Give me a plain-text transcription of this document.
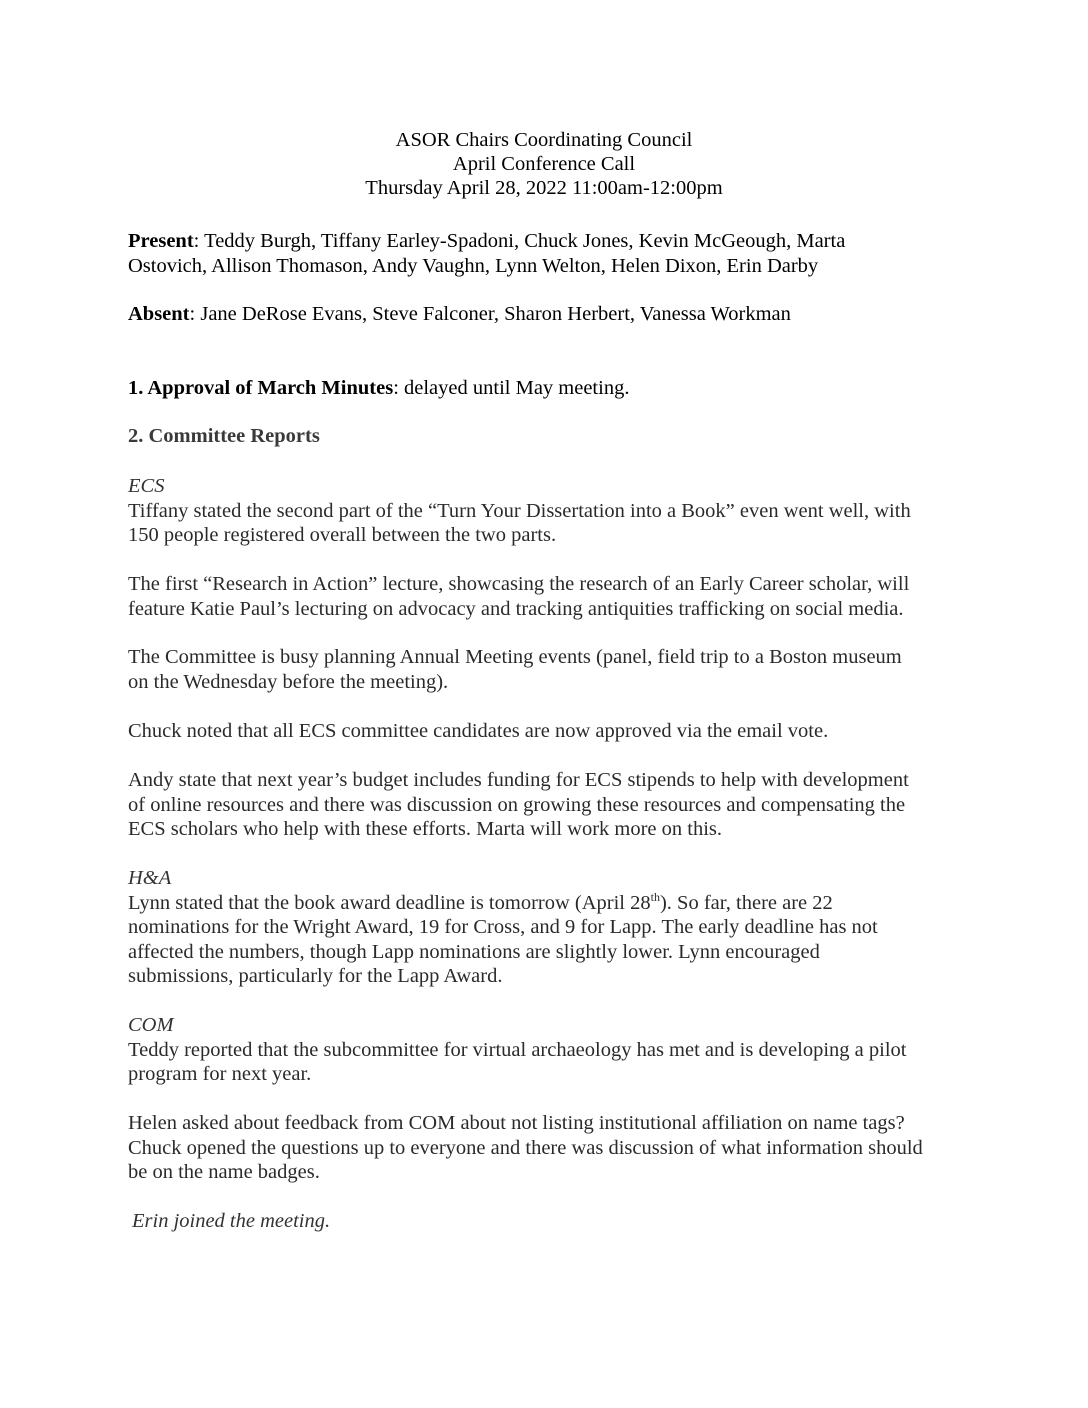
ASOR Chairs Coordinating Council
April Conference Call
Thursday April 28, 2022 11:00am-12:00pm
Present: Teddy Burgh, Tiffany Earley-Spadoni, Chuck Jones, Kevin McGeough, Marta
Ostovich, Allison Thomason, Andy Vaughn, Lynn Welton, Helen Dixon, Erin Darby
Absent: Jane DeRose Evans, Steve Falconer, Sharon Herbert, Vanessa Workman
1. Approval of March Minutes: delayed until May meeting.
2. Committee Reports
ECS
Tiffany stated the second part of the “Turn Your Dissertation into a Book” even went well, with
150 people registered overall between the two parts.
The first “Research in Action” lecture, showcasing the research of an Early Career scholar, will
feature Katie Paul’s lecturing on advocacy and tracking antiquities trafficking on social media.
The Committee is busy planning Annual Meeting events (panel, field trip to a Boston museum
on the Wednesday before the meeting).
Chuck noted that all ECS committee candidates are now approved via the email vote.
Andy state that next year’s budget includes funding for ECS stipends to help with development
of online resources and there was discussion on growing these resources and compensating the
ECS scholars who help with these efforts. Marta will work more on this.
H&A
Lynn stated that the book award deadline is tomorrow (April 28th). So far, there are 22
nominations for the Wright Award, 19 for Cross, and 9 for Lapp. The early deadline has not
affected the numbers, though Lapp nominations are slightly lower. Lynn encouraged
submissions, particularly for the Lapp Award.
COM
Teddy reported that the subcommittee for virtual archaeology has met and is developing a pilot
program for next year.
Helen asked about feedback from COM about not listing institutional affiliation on name tags?
Chuck opened the questions up to everyone and there was discussion of what information should
be on the name badges.
Erin joined the meeting.
